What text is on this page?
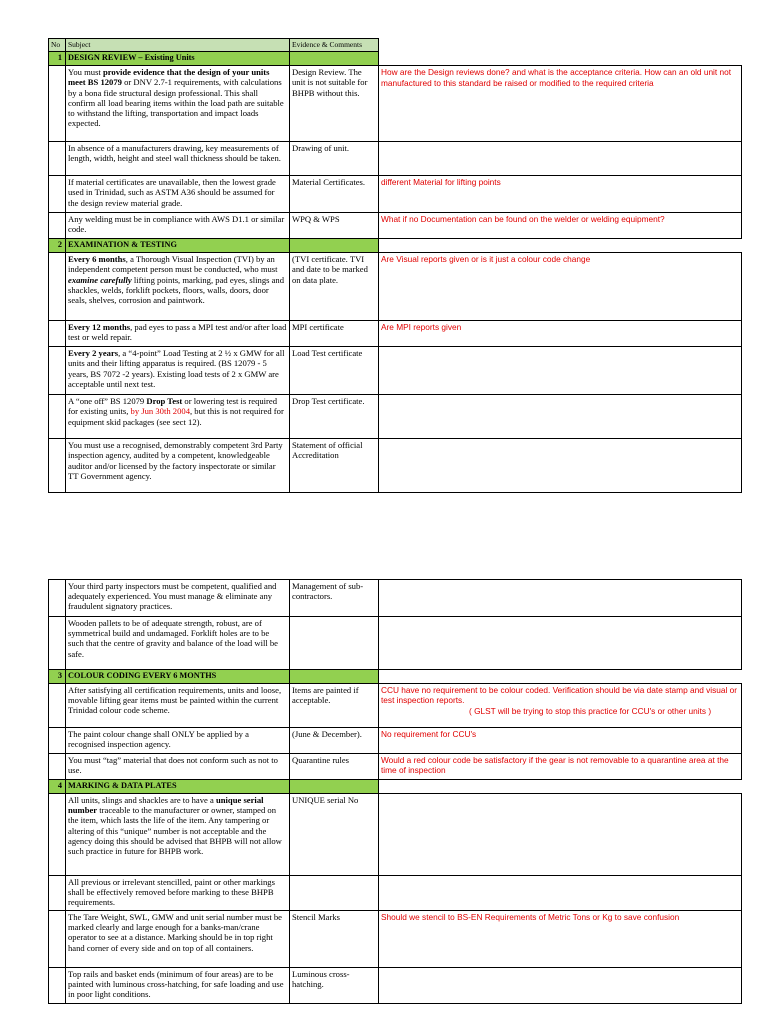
No	Subject	Evidence & Comments	
1	DESIGN REVIEW – Existing Units		
	You must provide evidence that the design of your units meet BS 12079 or DNV 2.7-1 requirements, with calculations by a bona fide structural design professional. This shall confirm all load bearing items within the load path are suitable to withstand the lifting, transportation and impact loads expected.	Design Review. The unit is not suitable for BHPB without this.	How are the Design reviews done? and what is the acceptance criteria. How can an old unit not manufactured to this standard be raised or modified to the required criteria
	In absence of a manufacturers drawing, key measurements of length, width, height and steel wall thickness should be taken.	Drawing of unit.	
	If material certificates are unavailable, then the lowest grade used in Trinidad, such as ASTM A36 should be assumed for the design review material grade.	Material Certificates.	different Material for lifting points
	Any welding must be in compliance with AWS D1.1 or similar code.	WPQ & WPS	What if no Documentation can be found on the welder or welding equipment?
2	EXAMINATION & TESTING		
	Every 6 months, a Thorough Visual Inspection (TVI) by an independent competent person must be conducted, who must examine carefully lifting points, marking, pad eyes, slings and shackles, welds, forklift pockets, floors, walls, doors, door seals, shelves, corrosion and paintwork.	(TVI certificate. TVI and date to be marked on data plate.	Are Visual reports given or is it just a colour code change
	Every 12 months, pad eyes to pass a MPI test and/or after load test or weld repair.	MPI certificate	Are MPI reports given
	Every 2 years, a “4-point” Load Testing at 2 ½ x GMW for all units and their lifting apparatus is required. (BS 12079 - 5 years, BS 7072 -2 years). Existing load tests of 2 x GMW are acceptable until next test.	Load Test certificate	
	A “one off” BS 12079 Drop Test or lowering test is required for existing units, by Jun 30th 2004, but this is not required for equipment skid packages (see sect 12).	Drop Test certificate.	
	You must use a recognised, demonstrably competent 3rd Party inspection agency, audited by a competent, knowledgeable auditor and/or licensed by the factory inspectorate or similar TT Government agency.	Statement of official Accreditation	
	Your third party inspectors must be competent, qualified and adequately experienced. You must manage & eliminate any fraudulent signatory practices.	Management of sub-contractors.	
	Wooden pallets to be of adequate strength, robust, are of symmetrical build and undamaged. Forklift holes are to be such that the centre of gravity and balance of the load will be safe.		
3	COLOUR CODING EVERY 6 MONTHS		
	After satisfying all certification requirements, units and loose, movable lifting gear items must be painted within the current Trinidad colour code scheme.	Items are painted if acceptable.	CCU have no requirement to be colour coded. Verification should be via date stamp and visual or test inspection reports.
( GLST will be trying to stop this practice for CCU's or other units )

	The paint colour change shall ONLY be applied by a recognised inspection agency.	(June & December).	No requirement for CCU's
	You must “tag” material that does not conform such as not to use.	Quarantine rules	Would a red colour code be satisfactory if the gear is not removable to a quarantine area at the time of inspection
4	MARKING & DATA PLATES		
	All units, slings and shackles are to have a unique serial number traceable to the manufacturer or owner, stamped on the item, which lasts the life of the item. Any tampering or altering of this “unique” number is not acceptable and the agency doing this should be advised that BHPB will not allow such practice in future for BHPB work.	UNIQUE serial No	
	All previous or irrelevant stencilled, paint or other markings shall be effectively removed before marking to these BHPB requirements.		
	The Tare Weight, SWL, GMW and unit serial number must be marked clearly and large enough for a banks-man/crane operator to see at a distance. Marking should be in top right hand corner of every side and on top of all containers.	Stencil Marks	Should we stencil to BS-EN Requirements of Metric Tons or Kg to save confusion
	Top rails and basket ends (minimum of four areas) are to be painted with luminous cross-hatching, for safe loading and use in poor light conditions.	Luminous cross-hatching.	
